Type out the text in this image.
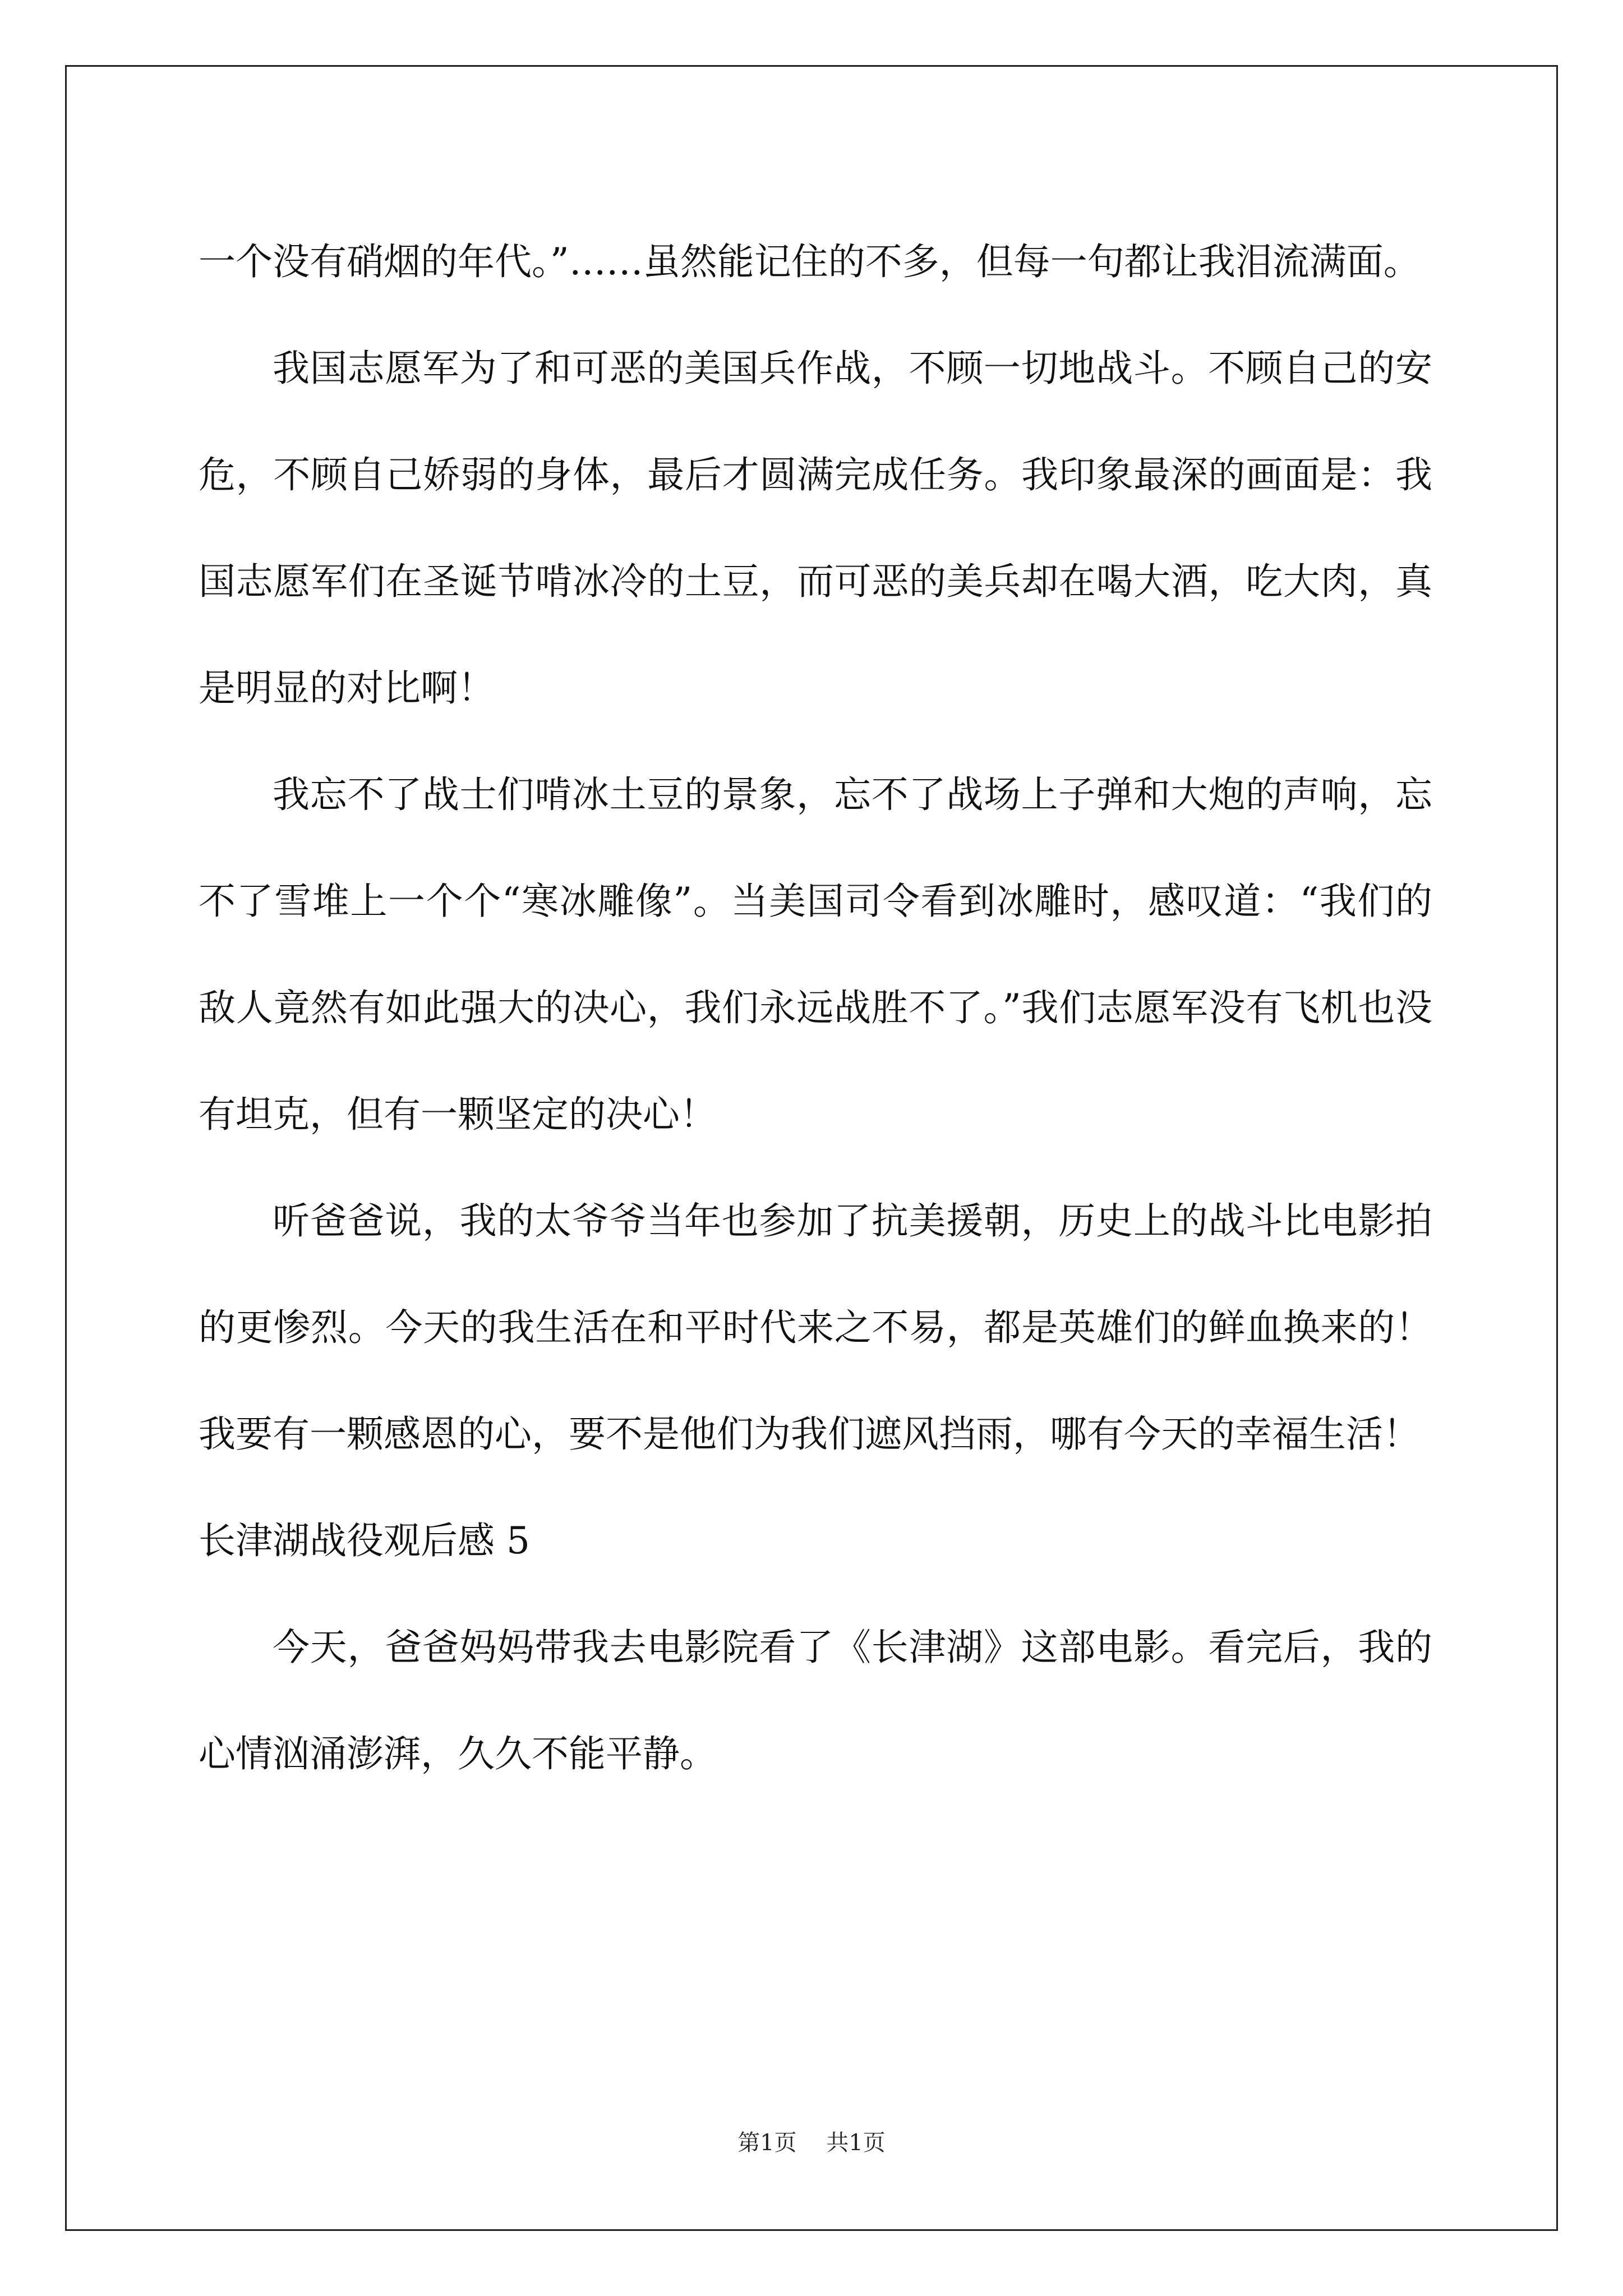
一个没有硝烟的年代。”……虽然能记住的不多，但每一句都让我泪流满面。

我国志愿军为了和可恶的美国兵作战，不顾一切地战斗。不顾自己的安危，不顾自己娇弱的身体，最后才圆满完成任务。我印象最深的画面是：我国志愿军们在圣诞节啃冰冷的土豆，而可恶的美兵却在喝大酒，吃大肉，真是明显的对比啊！

我忘不了战士们啃冰土豆的景象，忘不了战场上子弹和大炮的声响，忘不了雪堆上一个个“寒冰雕像”。当美国司令看到冰雕时，感叹道：“我们的敌人竟然有如此强大的决心，我们永远战胜不了。”我们志愿军没有飞机也没有坦克，但有一颗坚定的决心！

听爸爸说，我的太爷爷当年也参加了抗美援朝，历史上的战斗比电影拍的更惨烈。今天的我生活在和平时代来之不易，都是英雄们的鲜血换来的！我要有一颗感恩的心，要不是他们为我们遮风挡雨，哪有今天的幸福生活！

长津湖战役观后感 5

今天，爸爸妈妈带我去电影院看了《长津湖》这部电影。看完后，我的心情汹涌澎湃，久久不能平静。

第1页 共1页
